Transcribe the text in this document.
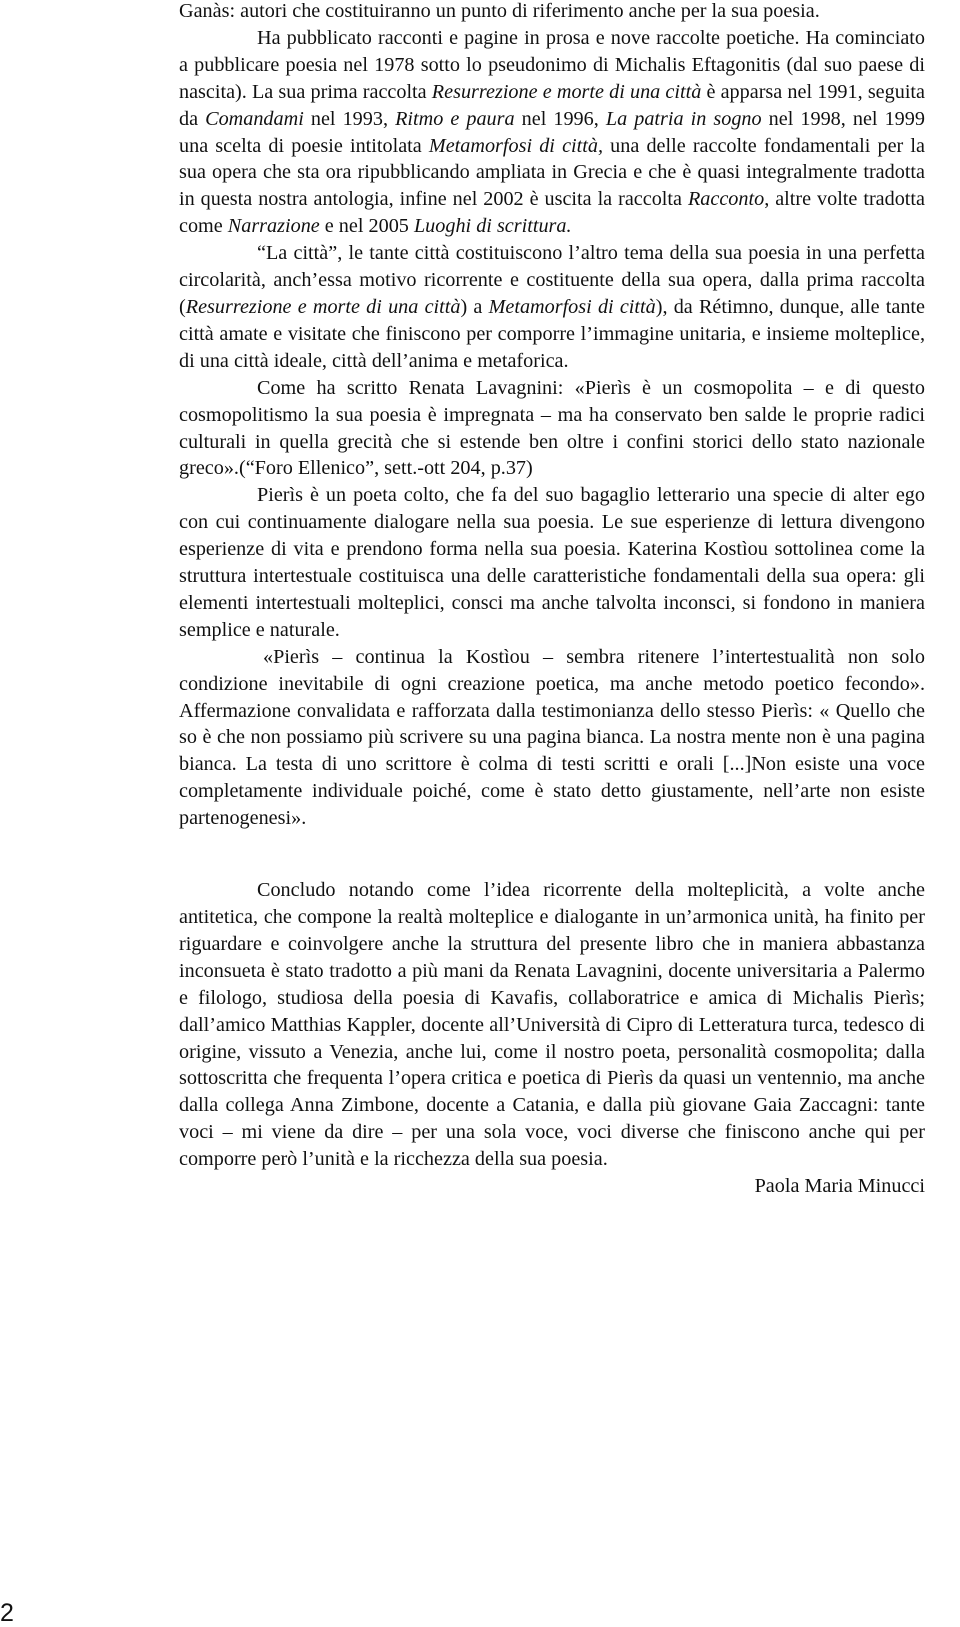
Ganàs: autori che costituiranno un punto di riferimento anche per la sua poesia.

Ha pubblicato racconti e pagine in prosa e nove raccolte poetiche. Ha cominciato a pubblicare poesia nel 1978 sotto lo pseudonimo di Michalis Eftagonitis (dal suo paese di nascita). La sua prima raccolta Resurrezione e morte di una città è apparsa nel 1991, seguita da Comandami nel 1993, Ritmo e paura nel 1996, La patria in sogno nel 1998, nel 1999 una scelta di poesie intitolata Metamorfosi di città, una delle raccolte fondamentali per la sua opera che sta ora ripubblicando ampliata in Grecia e che è quasi integralmente tradotta in questa nostra antologia, infine nel 2002 è uscita la raccolta Racconto, altre volte tradotta come Narrazione e nel 2005 Luoghi di scrittura.

“La città”, le tante città costituiscono l’altro tema della sua poesia in una perfetta circolarità, anch’essa motivo ricorrente e costituente della sua opera, dalla prima raccolta (Resurrezione e morte di una città) a Metamorfosi di città), da Rétimno, dunque, alle tante città amate e visitate che finiscono per comporre l’immagine unitaria, e insieme molteplice, di una città ideale, città dell’anima e metaforica.

Come ha scritto Renata Lavagnini: «Pierìs è un cosmopolita – e di questo cosmopolitismo la sua poesia è impregnata – ma ha conservato ben salde le proprie radici culturali in quella grecità che si estende ben oltre i confini storici dello stato nazionale greco».(“Foro Ellenico”, sett.-ott 204, p.37)

Pierìs è un poeta colto, che fa del suo bagaglio letterario una specie di alter ego con cui continuamente dialogare nella sua poesia. Le sue esperienze di lettura divengono esperienze di vita e prendono forma nella sua poesia. Katerina Kostìou sottolinea come la struttura intertestuale costituisca una delle caratteristiche fondamentali della sua opera: gli elementi intertestuali molteplici, consci ma anche talvolta inconsci, si fondono in maniera semplice e naturale.

«Pierìs – continua la Kostìou – sembra ritenere l’intertestualità non solo condizione inevitabile di ogni creazione poetica, ma anche metodo poetico fecondo». Affermazione convalidata e rafforzata dalla testimonianza dello stesso Pierìs: « Quello che so è che non possiamo più scrivere su una pagina bianca. La nostra mente non è una pagina bianca. La testa di uno scrittore è colma di testi scritti e orali [...]Non esiste una voce completamente individuale poiché, come è stato detto giustamente, nell’arte non esiste partenogenesi».

Concludo notando come l’idea ricorrente della molteplicità, a volte anche antitetica, che compone la realtà molteplice e dialogante in un’armonica unità, ha finito per riguardare e coinvolgere anche la struttura del presente libro che in maniera abbastanza inconsueta è stato tradotto a più mani da Renata Lavagnini, docente universitaria a Palermo e filologo, studiosa della poesia di Kavafis, collaboratrice e amica di Michalis Pierìs; dall’amico Matthias Kappler, docente all’Università di Cipro di Letteratura turca, tedesco di origine, vissuto a Venezia, anche lui, come il nostro poeta, personalità cosmopolita; dalla sottoscritta che frequenta l’opera critica e poetica di Pierìs da quasi un ventennio, ma anche dalla collega Anna Zimbone, docente a Catania, e dalla più giovane Gaia Zaccagni: tante voci – mi viene da dire – per una sola voce, voci diverse che finiscono anche qui per comporre però l’unità e la ricchezza della sua poesia.

Paola Maria Minucci

2
